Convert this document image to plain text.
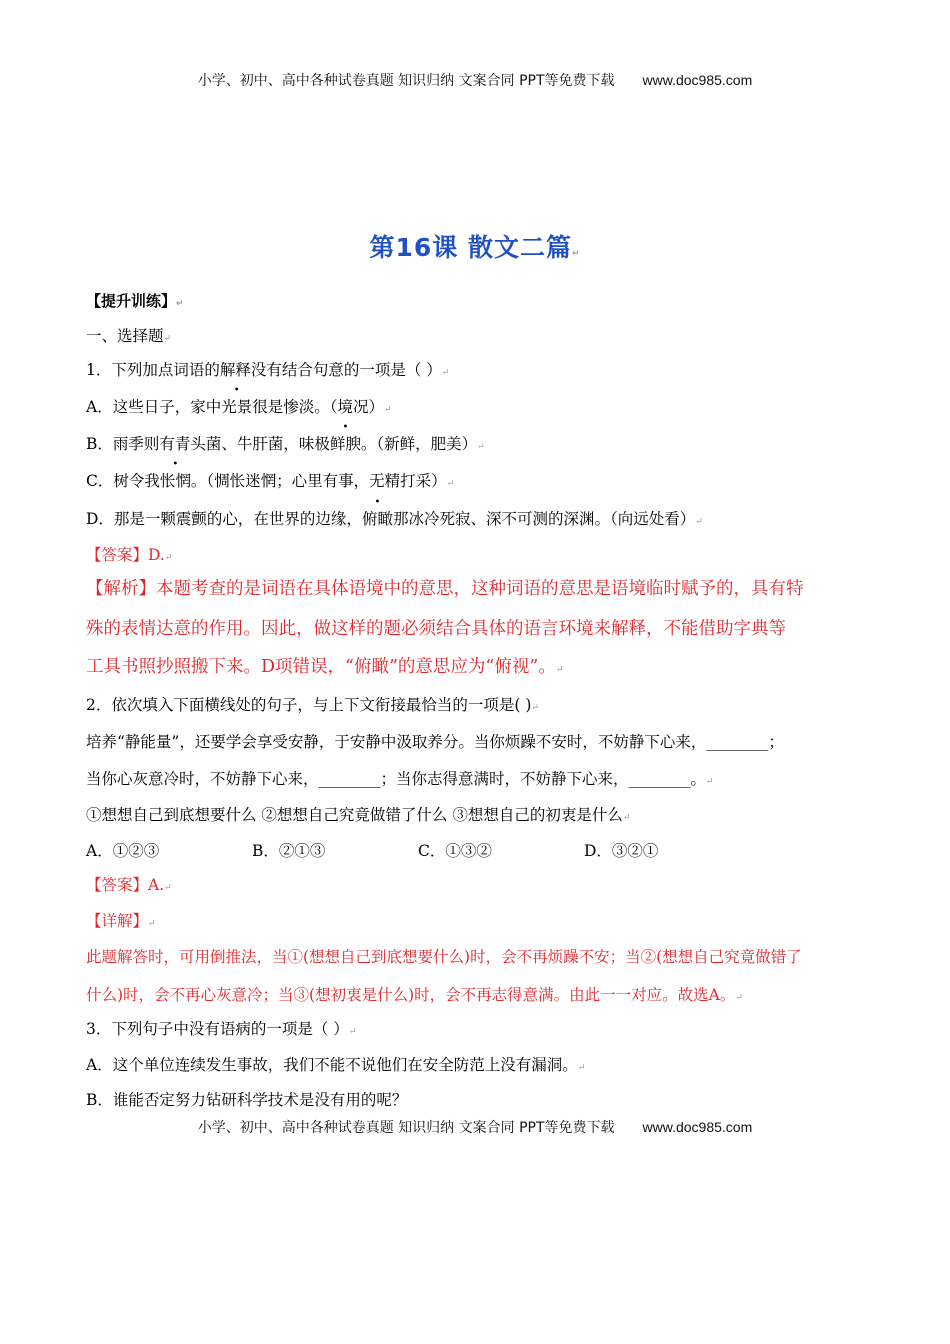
小学、初中、高中各种试卷真题 知识归纳 文案合同 PPT等免费下载 www.doc985.com
第16课 散文二篇↵
【提升训练】↵
一、选择题↵
1．下列加点词语的解释没有结合句意的一项是（ ）↵
A．这些日子，家中光景很是惨淡。（境况）↵
B．雨季则有青头菌、牛肝菌，味极鲜腴。（新鲜，肥美）↵
C．树令我怅惘。（惆怅迷惘；心里有事，无精打采）↵
D．那是一颗震颤的心，在世界的边缘，俯瞰那冰冷死寂、深不可测的深渊。（向远处看）↵
【答案】D.↵
【解析】本题考查的是词语在具体语境中的意思，这种词语的意思是语境临时赋予的，具有特
殊的表情达意的作用。因此，做这样的题必须结合具体的语言环境来解释，不能借助字典等
工具书照抄照搬下来。D项错误，“俯瞰”的意思应为“俯视”。↵
2．依次填入下面横线处的句子，与上下文衔接最恰当的一项是( )↵
培养“静能量”，还要学会享受安静，于安静中汲取养分。当你烦躁不安时，不妨静下心来，________；
当你心灰意冷时，不妨静下心来，________；当你志得意满时，不妨静下心来，________。↵
①想想自己到底想要什么 ②想想自己究竟做错了什么 ③想想自己的初衷是什么↵
A．①②③	B．②①③	C．①③②	D．③②①
【答案】A.↵
【详解】↵
此题解答时，可用倒推法，当①(想想自己到底想要什么)时，会不再烦躁不安；当②(想想自己究竟做错了
什么)时，会不再心灰意冷；当③(想初衷是什么)时，会不再志得意满。由此一一对应。故选A。↵
3．下列句子中没有语病的一项是（ ）↵
A．这个单位连续发生事故，我们不能不说他们在安全防范上没有漏洞。↵
B．谁能否定努力钻研科学技术是没有用的呢？
小学、初中、高中各种试卷真题 知识归纳 文案合同 PPT等免费下载 www.doc985.com
